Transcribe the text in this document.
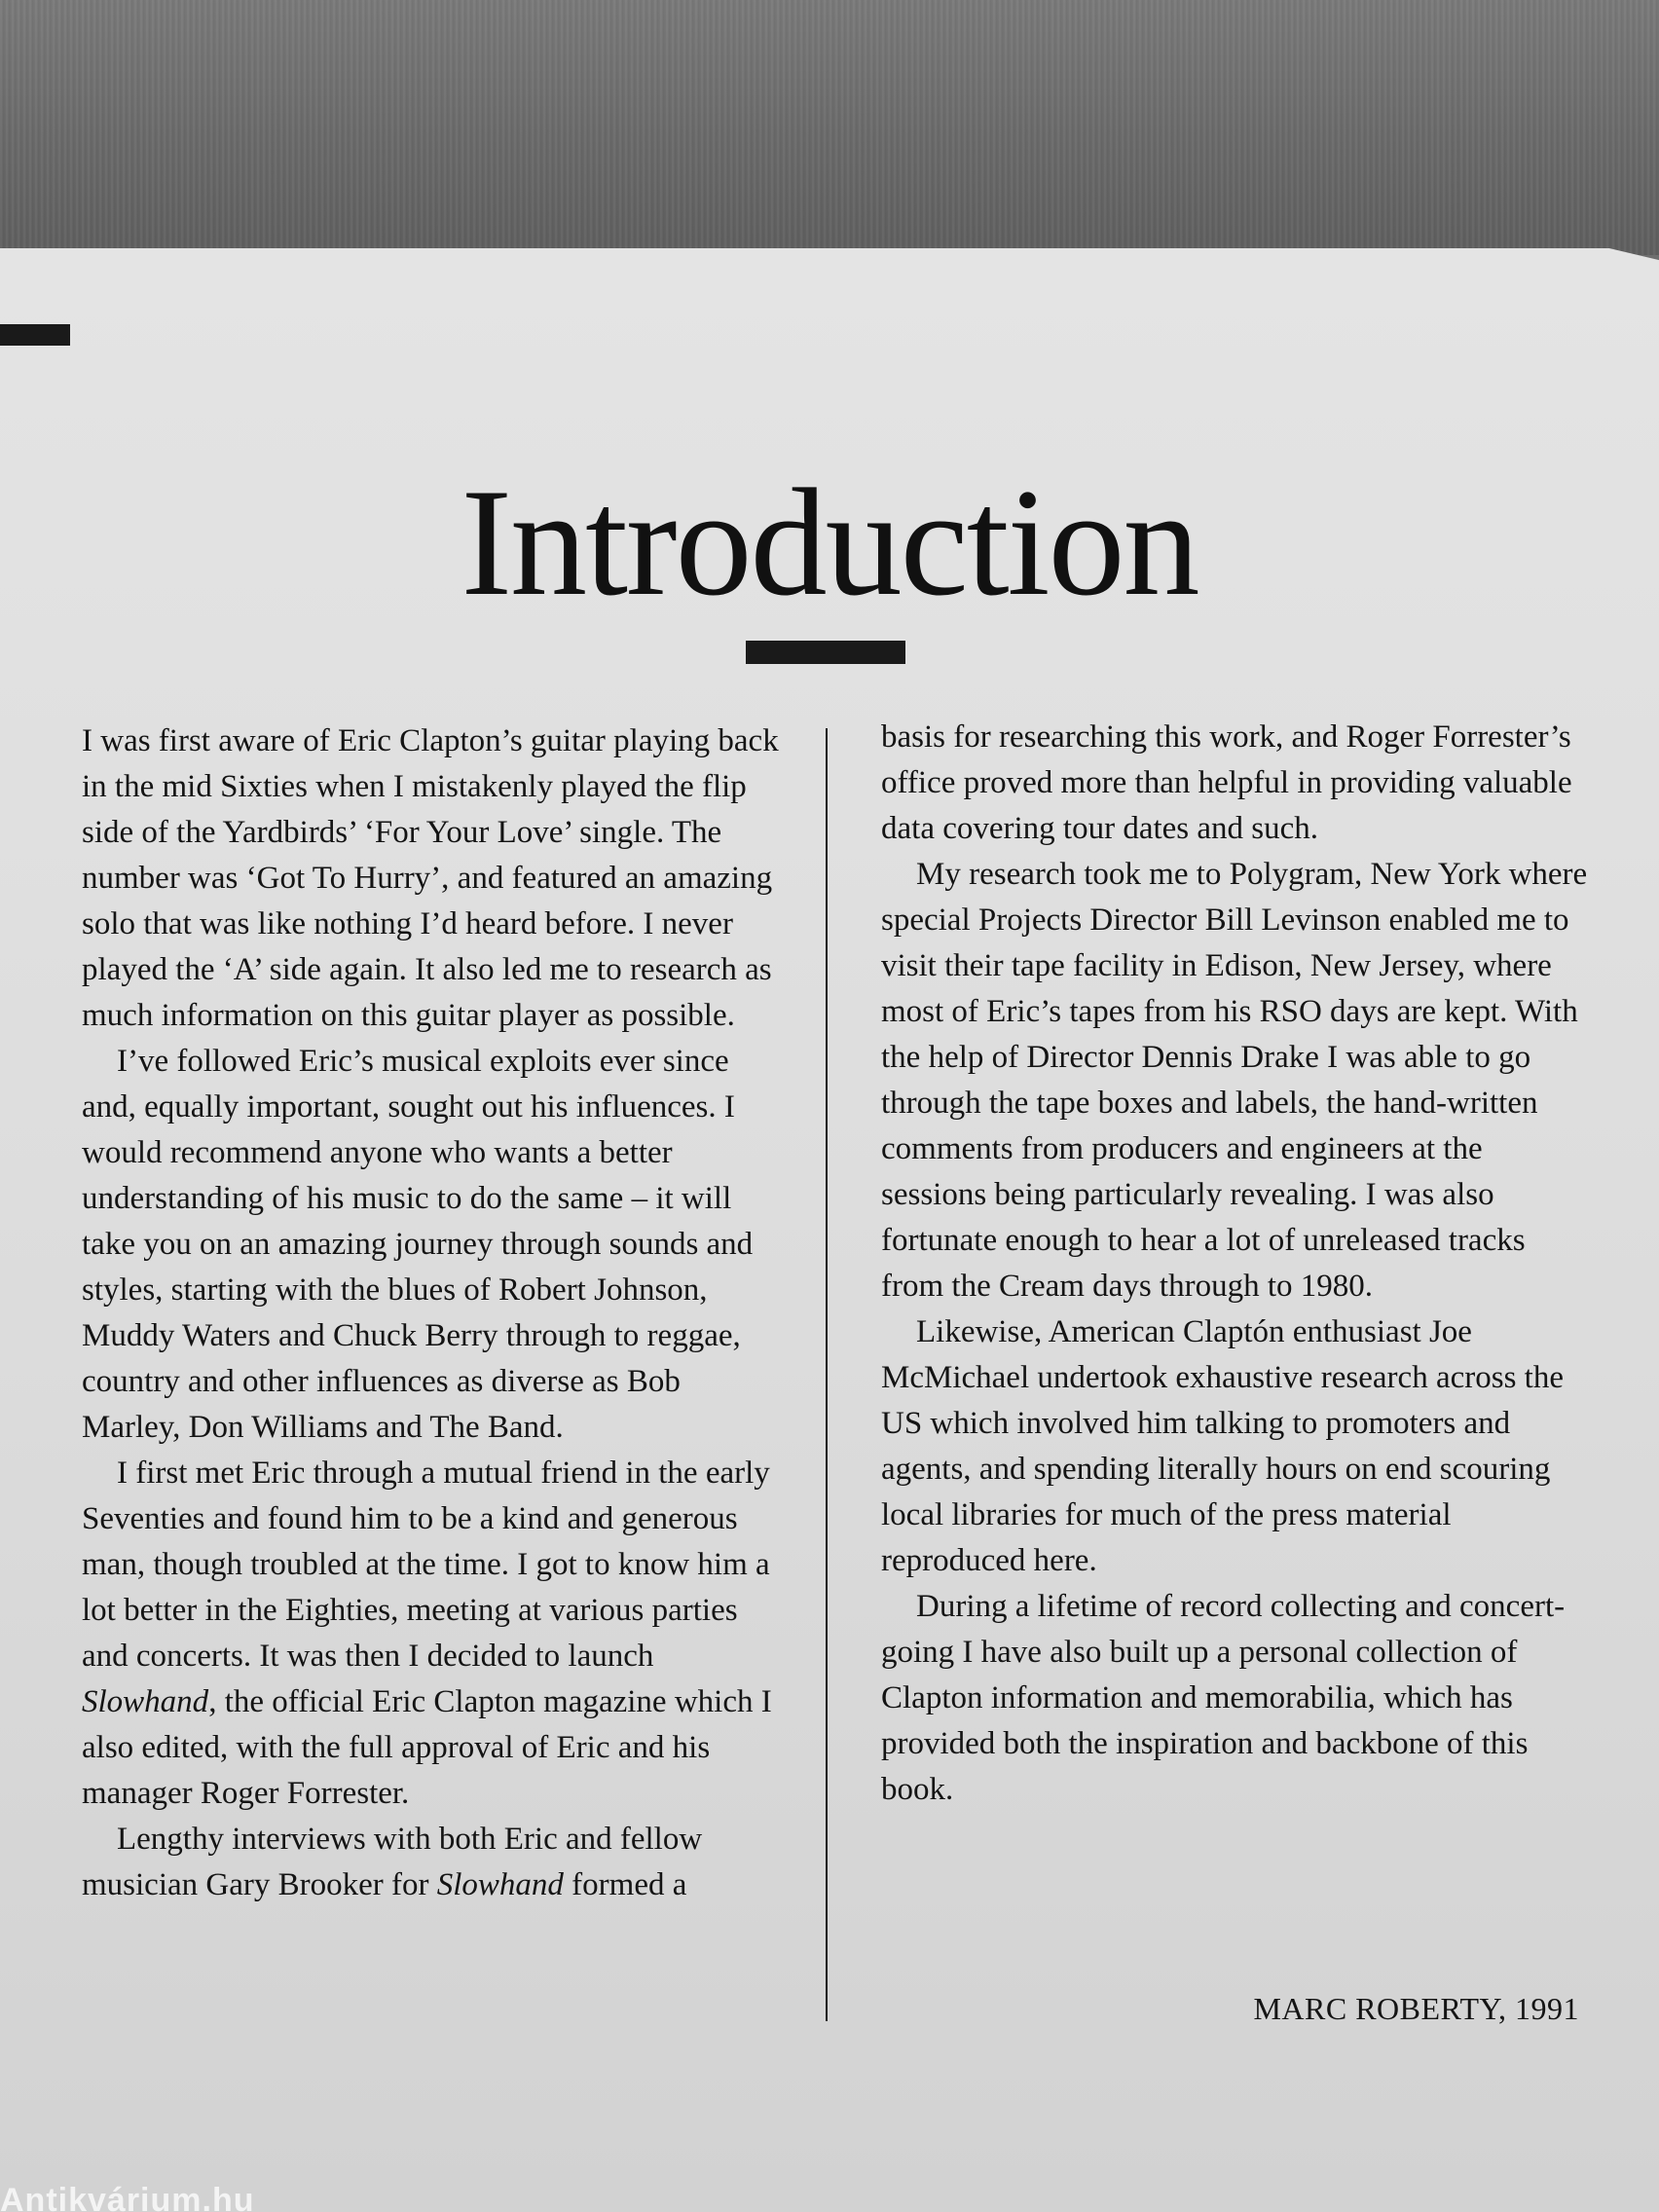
Introduction

I was first aware of Eric Clapton’s guitar playing back in the mid Sixties when I mistakenly played the flip side of the Yardbirds’ ‘For Your Love’ single. The number was ‘Got To Hurry’, and featured an amazing solo that was like nothing I’d heard before. I never played the ‘A’ side again. It also led me to research as much information on this guitar player as possible.

I’ve followed Eric’s musical exploits ever since and, equally important, sought out his influences. I would recommend anyone who wants a better understanding of his music to do the same – it will take you on an amazing journey through sounds and styles, starting with the blues of Robert Johnson, Muddy Waters and Chuck Berry through to reggae, country and other influences as diverse as Bob Marley, Don Williams and The Band.

I first met Eric through a mutual friend in the early Seventies and found him to be a kind and generous man, though troubled at the time. I got to know him a lot better in the Eighties, meeting at various parties and concerts. It was then I decided to launch Slowhand, the official Eric Clapton magazine which I also edited, with the full approval of Eric and his manager Roger Forrester.

Lengthy interviews with both Eric and fellow musician Gary Brooker for Slowhand formed a

basis for researching this work, and Roger Forrester’s office proved more than helpful in providing valuable data covering tour dates and such.

My research took me to Polygram, New York where special Projects Director Bill Levinson enabled me to visit their tape facility in Edison, New Jersey, where most of Eric’s tapes from his RSO days are kept. With the help of Director Dennis Drake I was able to go through the tape boxes and labels, the hand-written comments from producers and engineers at the sessions being particularly revealing. I was also fortunate enough to hear a lot of unreleased tracks from the Cream days through to 1980.

Likewise, American Claptón enthusiast Joe McMichael undertook exhaustive research across the US which involved him talking to promoters and agents, and spending literally hours on end scouring local libraries for much of the press material reproduced here.

During a lifetime of record collecting and concert-going I have also built up a personal collection of Clapton information and memorabilia, which has provided both the inspiration and backbone of this book.

MARC ROBERTY, 1991
Antikvárium.hu
